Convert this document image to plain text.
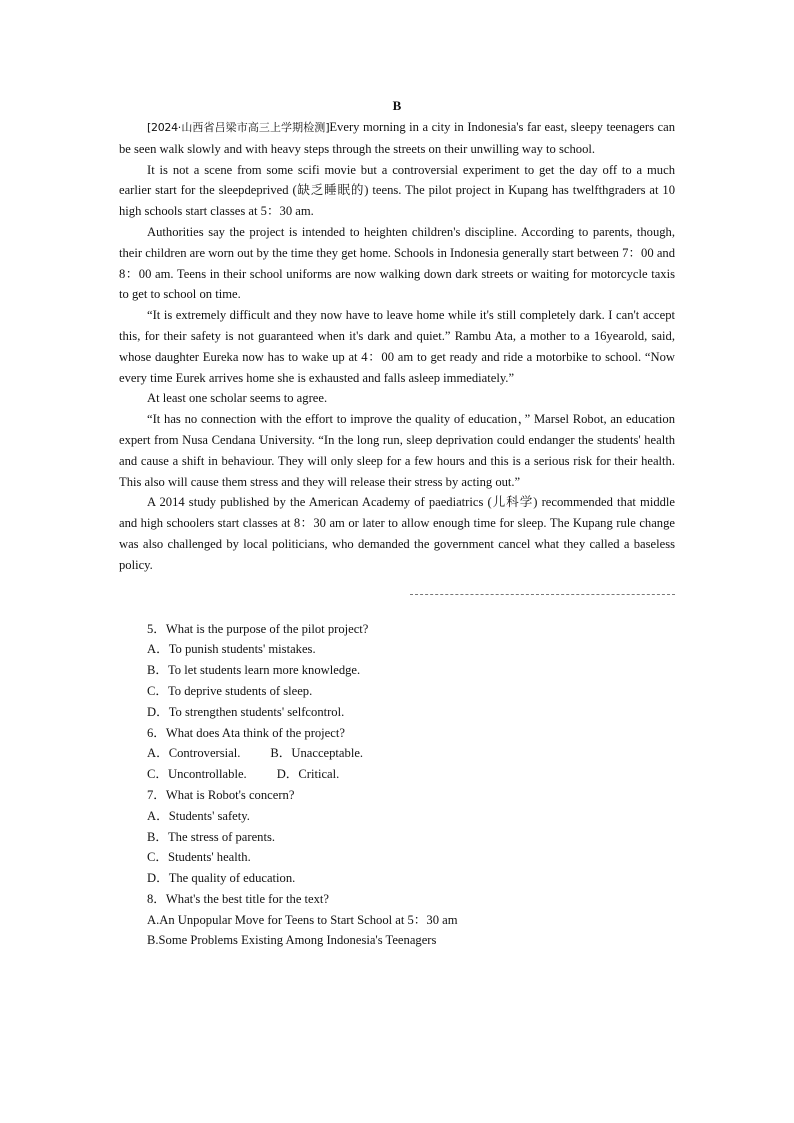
B

[2024·山西省吕梁市高三上学期检测]Every morning in a city in Indonesia's far east, sleepy teenagers can be seen walk slowly and with heavy steps through the streets on their unwilling way to school.

It is not a scene from some scifi movie but a controversial experiment to get the day off to a much earlier start for the sleepdeprived (缺乏睡眠的) teens. The pilot project in Kupang has twelfthgraders at 10 high schools start classes at 5：30 am.

Authorities say the project is intended to heighten children's discipline. According to parents, though, their children are worn out by the time they get home. Schools in Indonesia generally start between 7：00 and 8：00 am. Teens in their school uniforms are now walking down dark streets or waiting for motorcycle taxis to get to school on time.

“It is extremely difficult and they now have to leave home while it's still completely dark. I can't accept this, for their safety is not guaranteed when it's dark and quiet.” Rambu Ata, a mother to a 16yearold, said, whose daughter Eureka now has to wake up at 4：00 am to get ready and ride a motorbike to school. “Now every time Eurek arrives home she is exhausted and falls asleep immediately.”

At least one scholar seems to agree.

“It has no connection with the effort to improve the quality of education，” Marsel Robot, an education expert from Nusa Cendana University. “In the long run, sleep deprivation could endanger the students' health and cause a shift in behaviour. They will only sleep for a few hours and this is a serious risk for their health. This also will cause them stress and they will release their stress by acting out.”

A 2014 study published by the American Academy of paediatrics (儿科学) recommended that middle and high schoolers start classes at 8：30 am or later to allow enough time for sleep. The Kupang rule change was also challenged by local politicians, who demanded the government cancel what they called a baseless policy.

5．What is the purpose of the pilot project?

A．To punish students' mistakes.

B．To let students learn more knowledge.

C．To deprive students of sleep.

D．To strengthen students' selfcontrol.

6．What does Ata think of the project?

A．Controversial. B．Unacceptable.

C．Uncontrollable. D．Critical.

7．What is Robot's concern?

A．Students' safety.

B．The stress of parents.

C．Students' health.

D．The quality of education.

8．What's the best title for the text?

A.An Unpopular Move for Teens to Start School at 5：30 am

B.Some Problems Existing Among Indonesia's Teenagers
